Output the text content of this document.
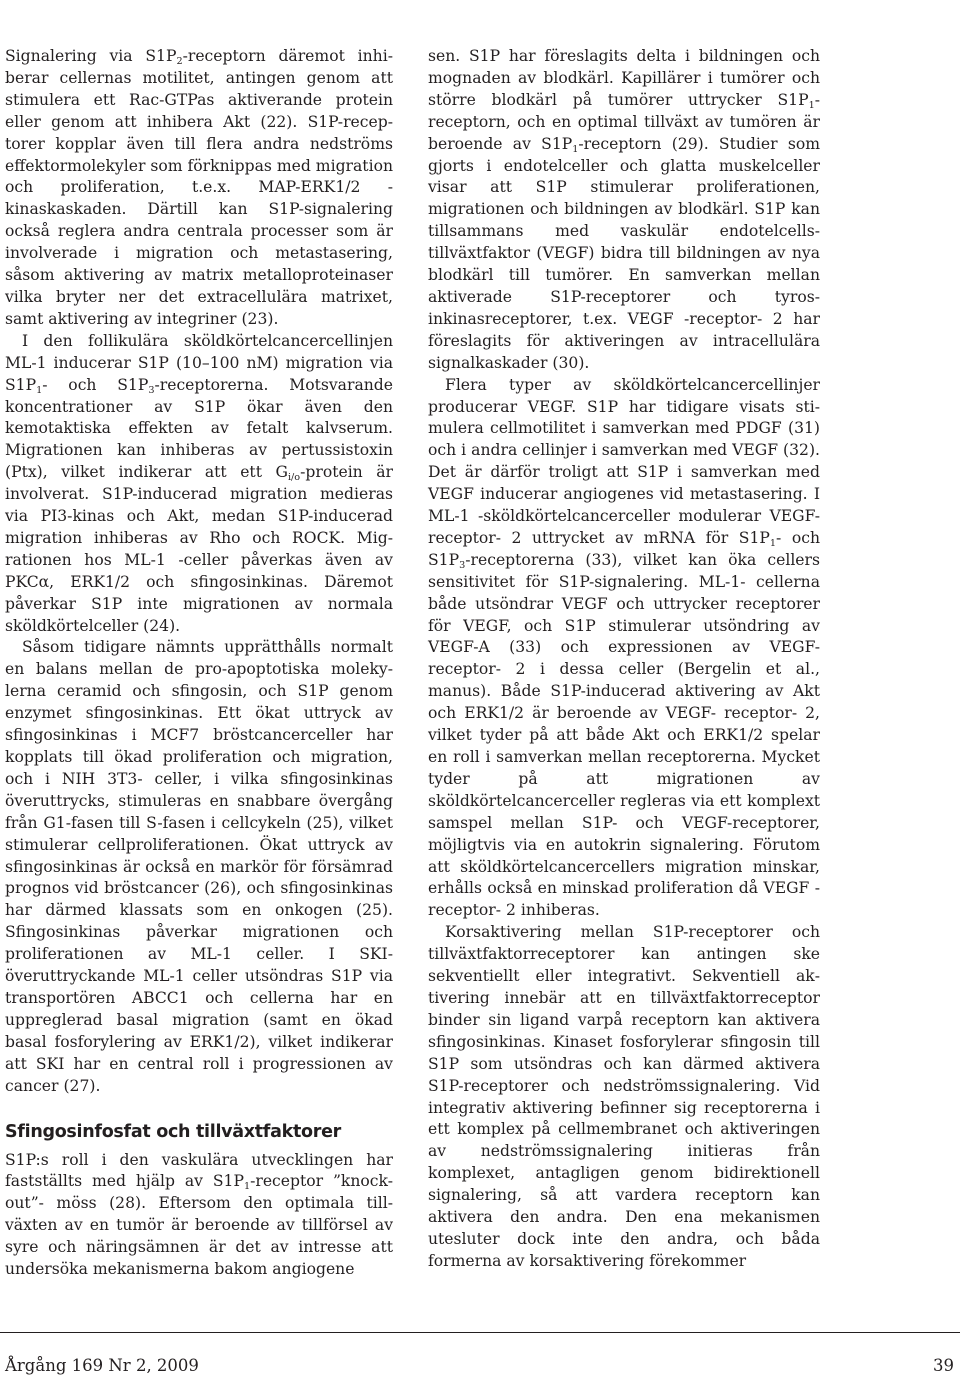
Signalering via $S1P_2$-receptorn däremot inhiberar cellernas motilitet, antingen genom att stimulera ett Rac-GTPas aktiverande protein eller genom att inhibera Akt (22). S1P-receptorer kopplar även till flera andra nedströms effektormolekyler som förknippas med migration och proliferation, t.e.x. MAP-ERK1/2 -kinaskaskaden. Därtill kan S1P-signalering också reglera andra centrala processer som är involverade i migration och metastasering, såsom aktivering av matrix metalloproteinaser vilka bryter ner det extracellulära matrixet, samt aktivering av integriner (23).

I den follikulära sköldkörtelcancercellinjen ML-1 inducerar S1P (10–100 nM) migration via $S1P_1-$ och $S1P_3$-receptorerna. Motsvarande koncentrationer av S1P ökar även den kemotaktiska effekten av fetalt kalvserum. Migrationen kan inhiberas av pertussistoxin (Ptx), vilket indikerar att ett $G_{i/o}$-protein är involverat. S1P-inducerad migration medieras via PI3-kinas och Akt, medan S1P-inducerad migration inhiberas av Rho och ROCK. Migrationen hos ML-1 -celler påverkas även av PKCα, ERK1/2 och sfingosinkinas. Däremot påverkar S1P inte migrationen av normala sköldkörtelceller (24).

Såsom tidigare nämnts upprätthålls normalt en balans mellan de pro-apoptotiska molekylerna ceramid och sfingosin, och S1P genom enzymet sfingosinkinas. Ett ökat uttryck av sfingosinkinas i MCF7 bröstcancerceller har kopplats till ökad proliferation och migration, och i NIH 3T3- celler, i vilka sfingosinkinas överuttrycks, stimuleras en snabbare övergång från G1-fasen till S-fasen i cellcykeln (25), vilket stimulerar cellproliferationen. Ökat uttryck av sfingosinkinas är också en markör för försämrad prognos vid bröstcancer (26), och sfingosinkinas har därmed klassats som en onkogen (25). Sfingosinkinas påverkar migrationen och proliferationen av ML-1 celler. I SKI-överuttryckande ML-1 celler utsöndras S1P via transportören ABCC1 och cellerna har en uppreglerad basal migration (samt en ökad basal fosforylering av ERK1/2), vilket indikerar att SKI har en central roll i progressionen av cancer (27).

Sfingosinfosfat och tillväxtfaktorer

S1P:s roll i den vaskulära utvecklingen har fastställts med hjälp av $S1P_1$-receptor ”knock-out”- möss (28). Eftersom den optimala tillväxten av en tumör är beroende av tillförsel av syre och näringsämnen är det av intresse att undersöka mekanismerna bakom angiogene

sen. S1P har föreslagits delta i bildningen och mognaden av blodkärl. Kapillärer i tumörer och större blodkärl på tumörer uttrycker $S1P_1$-receptorn, och en optimal tillväxt av tumören är beroende av $S1P_1$-receptorn (29). Studier som gjorts i endotelceller och glatta muskelceller visar att S1P stimulerar proliferationen, migrationen och bildningen av blodkärl. S1P kan tillsammans med vaskulär endotelcellstillväxtfaktor (VEGF) bidra till bildningen av nya blodkärl till tumörer. En samverkan mellan aktiverade S1P-receptorer och tyrosinkinasreceptorer, t.ex. VEGF -receptor- 2 har föreslagits för aktiveringen av intracellulära signalkaskader (30).

Flera typer av sköldkörtelcancercellinjer producerar VEGF. S1P har tidigare visats stimulera cellmotilitet i samverkan med PDGF (31) och i andra cellinjer i samverkan med VEGF (32). Det är därför troligt att S1P i samverkan med VEGF inducerar angiogenes vid metastasering. I ML-1 -sköldkörtelcancerceller modulerar VEGF- receptor- 2 uttrycket av mRNA för $S1P_1-$ och $S1P_3$-receptorerna (33), vilket kan öka cellers sensitivitet för S1P-signalering. ML-1- cellerna både utsöndrar VEGF och uttrycker receptorer för VEGF, och S1P stimulerar utsöndring av VEGF-A (33) och expressionen av VEGF- receptor- 2 i dessa celler (Bergelin et al., manus). Både S1P-inducerad aktivering av Akt och ERK1/2 är beroende av VEGF- receptor- 2, vilket tyder på att både Akt och ERK1/2 spelar en roll i samverkan mellan receptorerna. Mycket tyder på att migrationen av sköldkörtelcancerceller regleras via ett komplext samspel mellan S1P- och VEGF-receptorer, möjligtvis via en autokrin signalering. Förutom att sköldkörtelcancercellers migration minskar, erhålls också en minskad proliferation då VEGF -receptor- 2 inhiberas.

Korsaktivering mellan S1P-receptorer och tillväxtfaktorreceptorer kan antingen ske sekventiellt eller integrativt. Sekventiell aktivering innebär att en tillväxtfaktorreceptor binder sin ligand varpå receptorn kan aktivera sfingosinkinas. Kinaset fosforylerar sfingosin till S1P som utsöndras och kan därmed aktivera S1P-receptorer och nedströmssignalering. Vid integrativ aktivering befinner sig receptorerna i ett komplex på cellmembranet och aktiveringen av nedströmssignalering initieras från komplexet, antagligen genom bidirektionell signalering, så att vardera receptorn kan aktivera den andra. Den ena mekanismen utesluter dock inte den andra, och båda formerna av korsaktivering förekommer

Årgång 169 Nr 2, 2009	39
